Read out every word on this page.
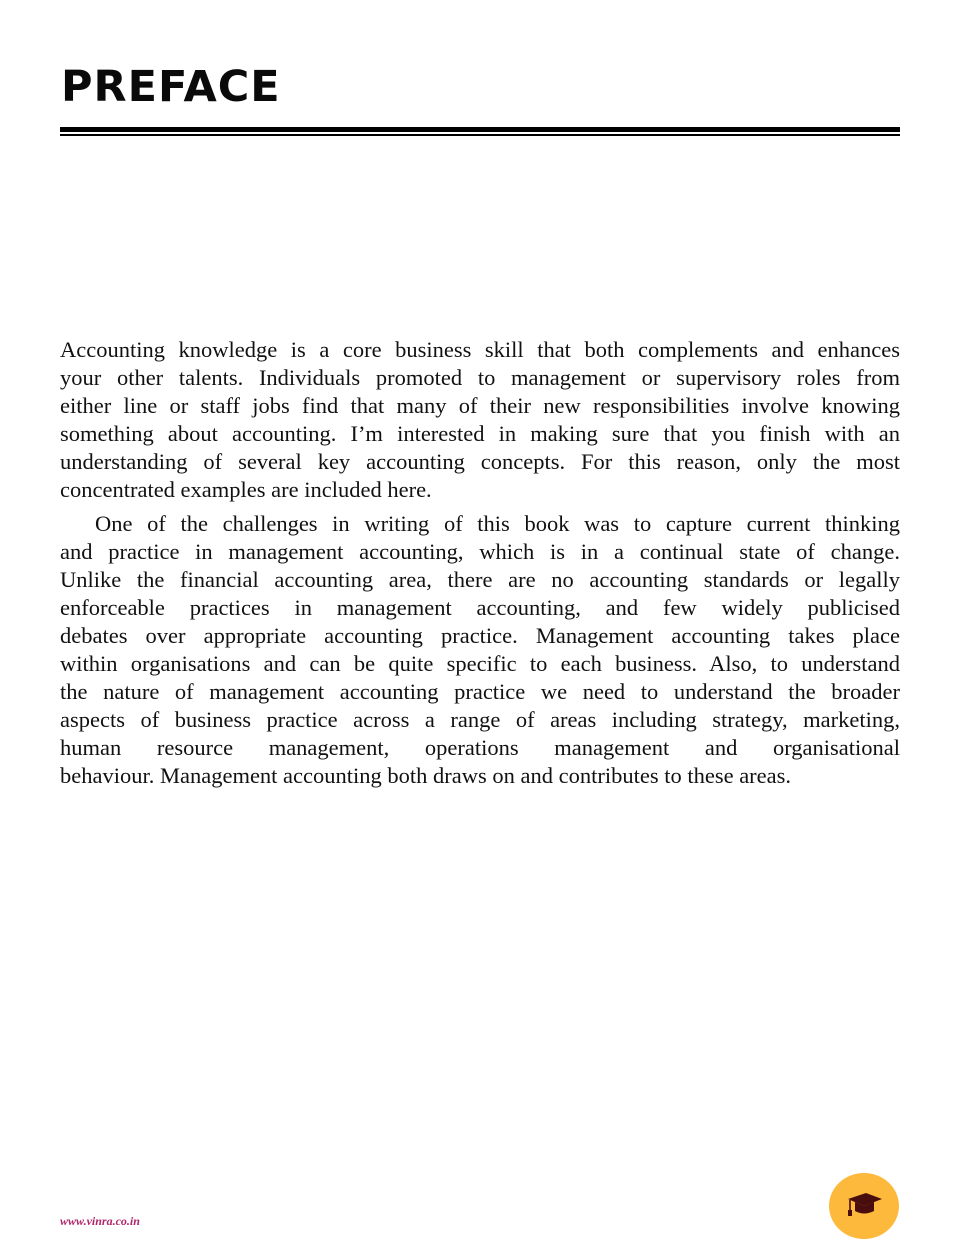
PREFACE

Accounting knowledge is a core business skill that both complements and enhances
your other talents. Individuals promoted to management or supervisory roles from
either line or staff jobs find that many of their new responsibilities involve knowing
something about accounting. I’m interested in making sure that you finish with an
understanding of several key accounting concepts. For this reason, only the most
concentrated examples are included here.

One of the challenges in writing of this book was to capture current thinking
and practice in management accounting, which is in a continual state of change.
Unlike the financial accounting area, there are no accounting standards or legally
enforceable practices in management accounting, and few widely publicised
debates over appropriate accounting practice. Management accounting takes place
within organisations and can be quite specific to each business. Also, to understand
the nature of management accounting practice we need to understand the broader
aspects of business practice across a range of areas including strategy, marketing,
human resource management, operations management and organisational
behaviour. Management accounting both draws on and contributes to these areas.

www.vinra.co.in
